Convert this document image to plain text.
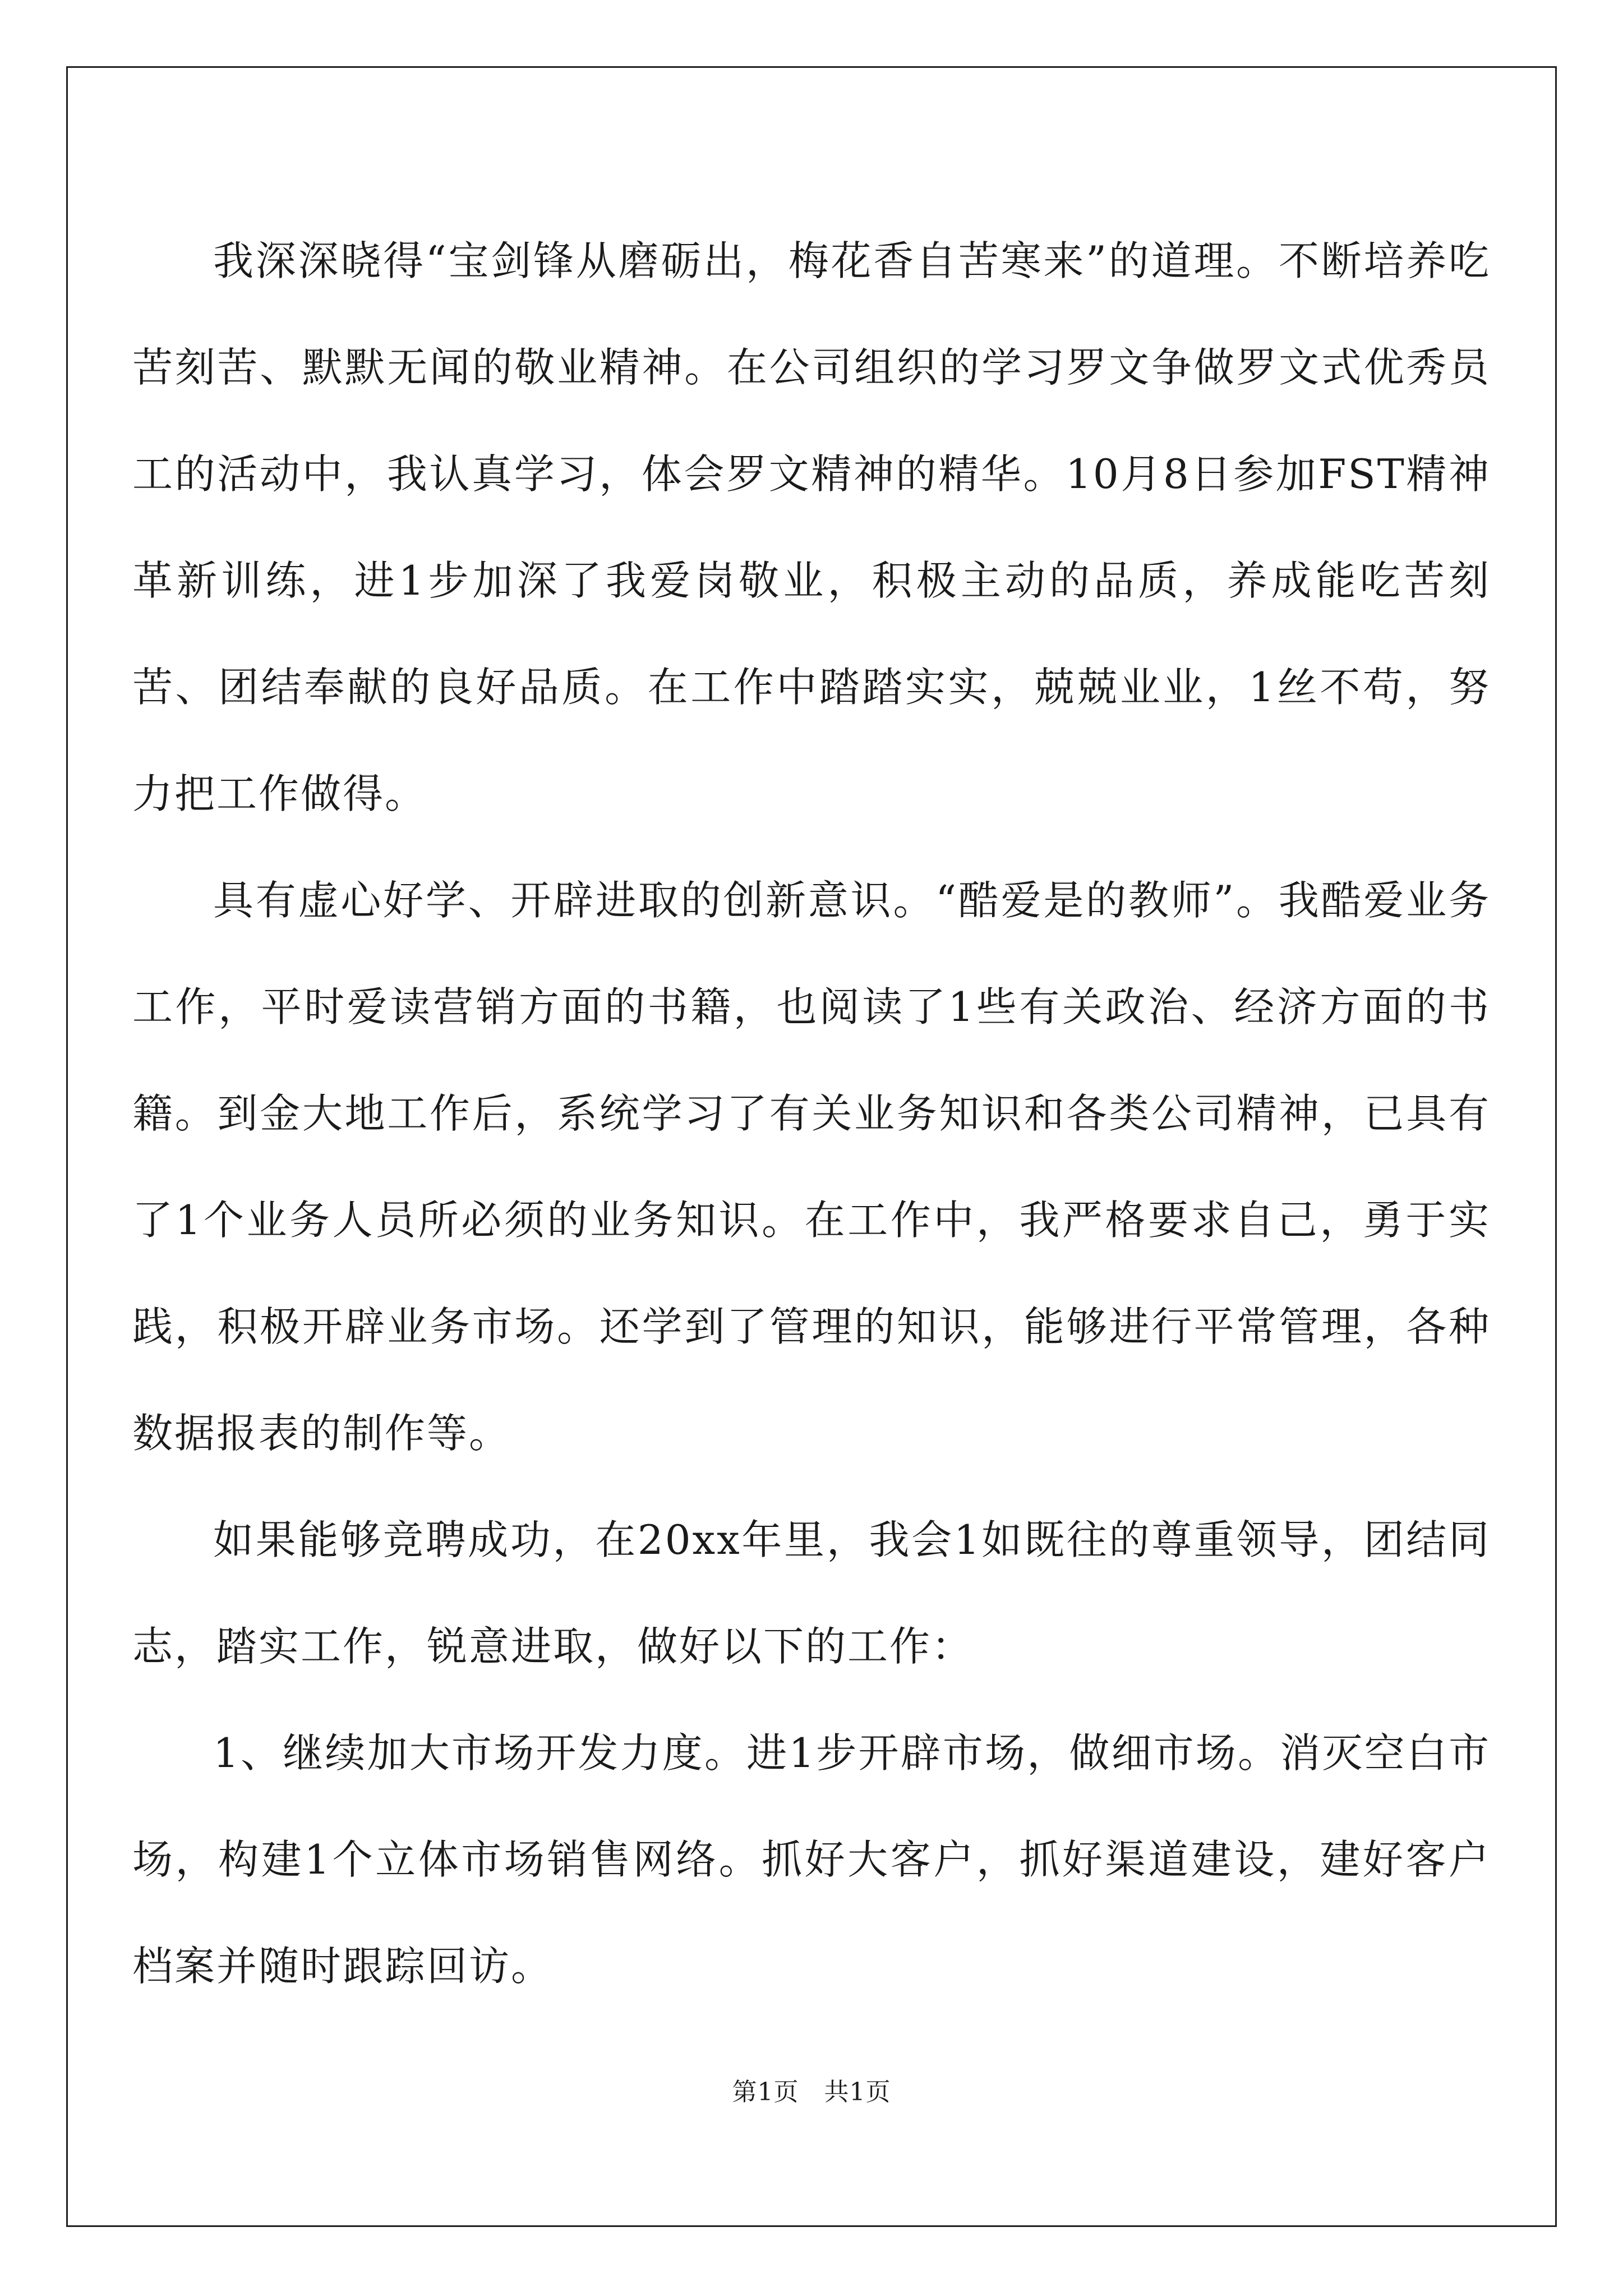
我深深晓得“宝剑锋从磨砺出，梅花香自苦寒来”的道理。不断培养吃苦刻苦、默默无闻的敬业精神。在公司组织的学习罗文争做罗文式优秀员工的活动中，我认真学习，体会罗文精神的精华。10月8日参加FST精神革新训练，进1步加深了我爱岗敬业，积极主动的品质，养成能吃苦刻苦、团结奉献的良好品质。在工作中踏踏实实，兢兢业业，1丝不苟，努力把工作做得。

具有虚心好学、开辟进取的创新意识。“酷爱是的教师”。我酷爱业务工作，平时爱读营销方面的书籍，也阅读了1些有关政治、经济方面的书籍。到金大地工作后，系统学习了有关业务知识和各类公司精神，已具有了1个业务人员所必须的业务知识。在工作中，我严格要求自己，勇于实践，积极开辟业务市场。还学到了管理的知识，能够进行平常管理，各种数据报表的制作等。

如果能够竞聘成功，在20xx年里，我会1如既往的尊重领导，团结同志，踏实工作，锐意进取，做好以下的工作：

1、继续加大市场开发力度。进1步开辟市场，做细市场。消灭空白市场，构建1个立体市场销售网络。抓好大客户，抓好渠道建设，建好客户档案并随时跟踪回访。

第1页　共1页
